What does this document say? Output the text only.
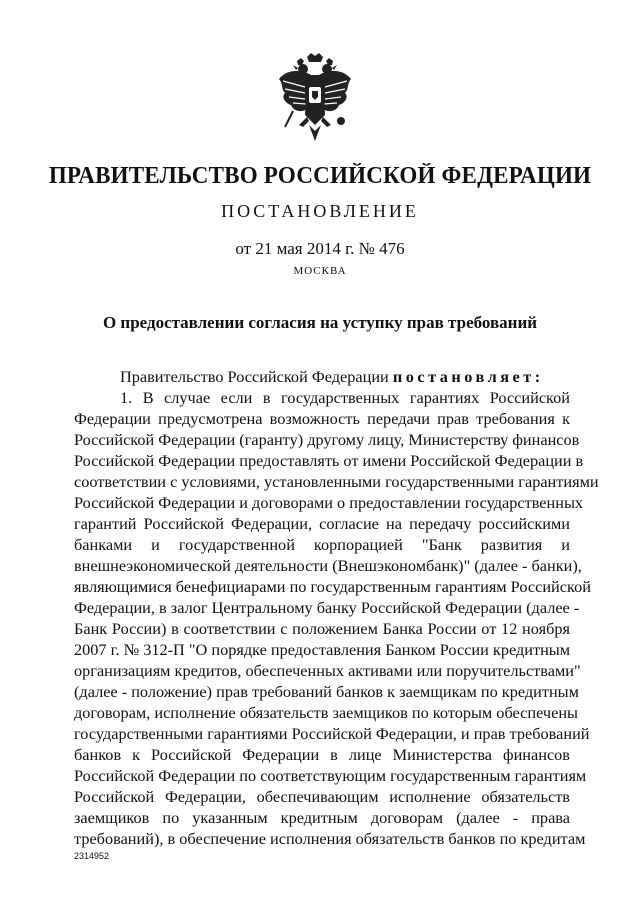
ПРАВИТЕЛЬСТВО РОССИЙСКОЙ ФЕДЕРАЦИИ
ПОСТАНОВЛЕНИЕ
от 21 мая 2014 г. № 476
МОСКВА
О предоставлении согласия на уступку прав требований

Правительство Российской Федерации постановляет:

1. В случае если в государственных гарантиях Российской
Федерации предусмотрена возможность передачи прав требования к
Российской Федерации (гаранту) другому лицу, Министерству финансов
Российской Федерации предоставлять от имени Российской Федерации в
соответствии с условиями, установленными государственными гарантиями
Российской Федерации и договорами о предоставлении государственных
гарантий Российской Федерации, согласие на передачу российскими
банками и государственной корпорацией "Банк развития и
внешнеэкономической деятельности (Внешэкономбанк)" (далее - банки),
являющимися бенефициарами по государственным гарантиям Российской
Федерации, в залог Центральному банку Российской Федерации (далее -
Банк России) в соответствии с положением Банка России от 12 ноября
2007 г. № 312-П "О порядке предоставления Банком России кредитным
организациям кредитов, обеспеченных активами или поручительствами"
(далее - положение) прав требований банков к заемщикам по кредитным
договорам, исполнение обязательств заемщиков по которым обеспечены
государственными гарантиями Российской Федерации, и прав требований
банков к Российской Федерации в лице Министерства финансов
Российской Федерации по соответствующим государственным гарантиям
Российской Федерации, обеспечивающим исполнение обязательств
заемщиков по указанным кредитным договорам (далее - права
требований), в обеспечение исполнения обязательств банков по кредитам
2314952
